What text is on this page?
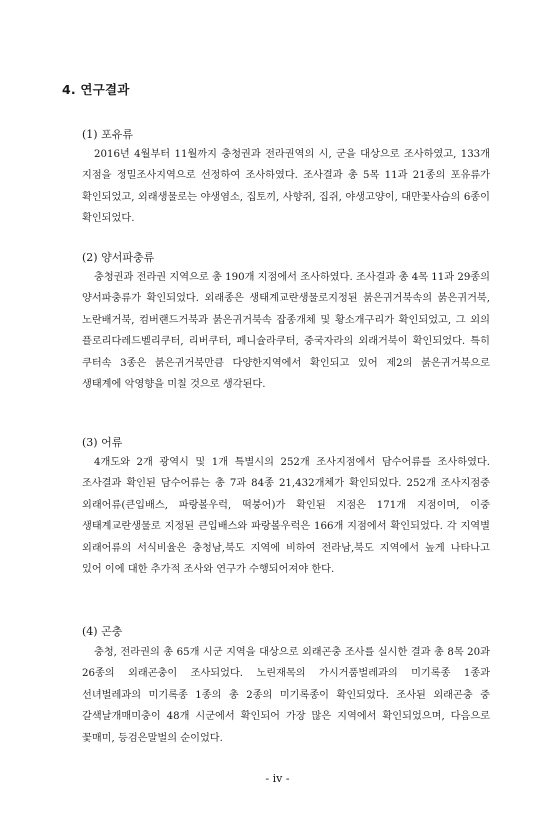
4. 연구결과
(1) 포유류
2016년 4월부터 11월까지 충청권과 전라권역의 시, 군을 대상으로 조사하였고, 133개 지점을 정밀조사지역으로 선정하여 조사하였다. 조사결과 총 5목 11과 21종의 포유류가 확인되었고, 외래생물로는 야생염소, 집토끼, 사향쥐, 집쥐, 야생고양이, 대만꽃사슴의 6종이 확인되었다.
(2) 양서파충류
충청권과 전라권 지역으로 총 190개 지점에서 조사하였다. 조사결과 총 4목 11과 29종의 양서파충류가 확인되었다. 외래종은 생태계교란생물로지정된 붉은귀거북속의 붉은귀거북, 노란배거북, 컴버랜드거북과 붉은귀거북속 잡종개체 및 황소개구리가 확인되었고, 그 외의 플로리다레드벨리쿠터, 리버쿠터, 페니슐라쿠터, 중국자라의 외래거북이 확인되었다. 특히 쿠터속 3종은 붉은귀거북만큼 다양한지역에서 확인되고 있어 제2의 붉은귀거북으로 생태계에 악영향을 미칠 것으로 생각된다.
(3) 어류
4개도와 2개 광역시 및 1개 특별시의 252개 조사지점에서 담수어류를 조사하였다. 조사결과 확인된 담수어류는 총 7과 84종 21,432개체가 확인되었다. 252개 조사지점중 외래어류(큰입배스, 파랑볼우럭, 떡붕어)가 확인된 지점은 171개 지점이며, 이중 생태계교란생물로 지정된 큰입배스와 파랑볼우럭은 166개 지점에서 확인되었다. 각 지역별 외래어류의 서식비율은 충청남,북도 지역에 비하여 전라남,북도 지역에서 높게 나타나고 있어 이에 대한 추가적 조사와 연구가 수행되어져야 한다.
(4) 곤충
충청, 전라권의 총 65개 시군 지역을 대상으로 외래곤충 조사를 실시한 결과 총 8목 20과 26종의 외래곤충이 조사되었다. 노린재목의 가시거품벌레과의 미기록종 1종과 선녀벌레과의 미기록종 1종의 총 2종의 미기록종이 확인되었다. 조사된 외래곤충 중 갈색날개매미충이 48개 시군에서 확인되어 가장 많은 지역에서 확인되었으며, 다음으로 꽃매미, 등검은말벌의 순이었다.
- iv -
